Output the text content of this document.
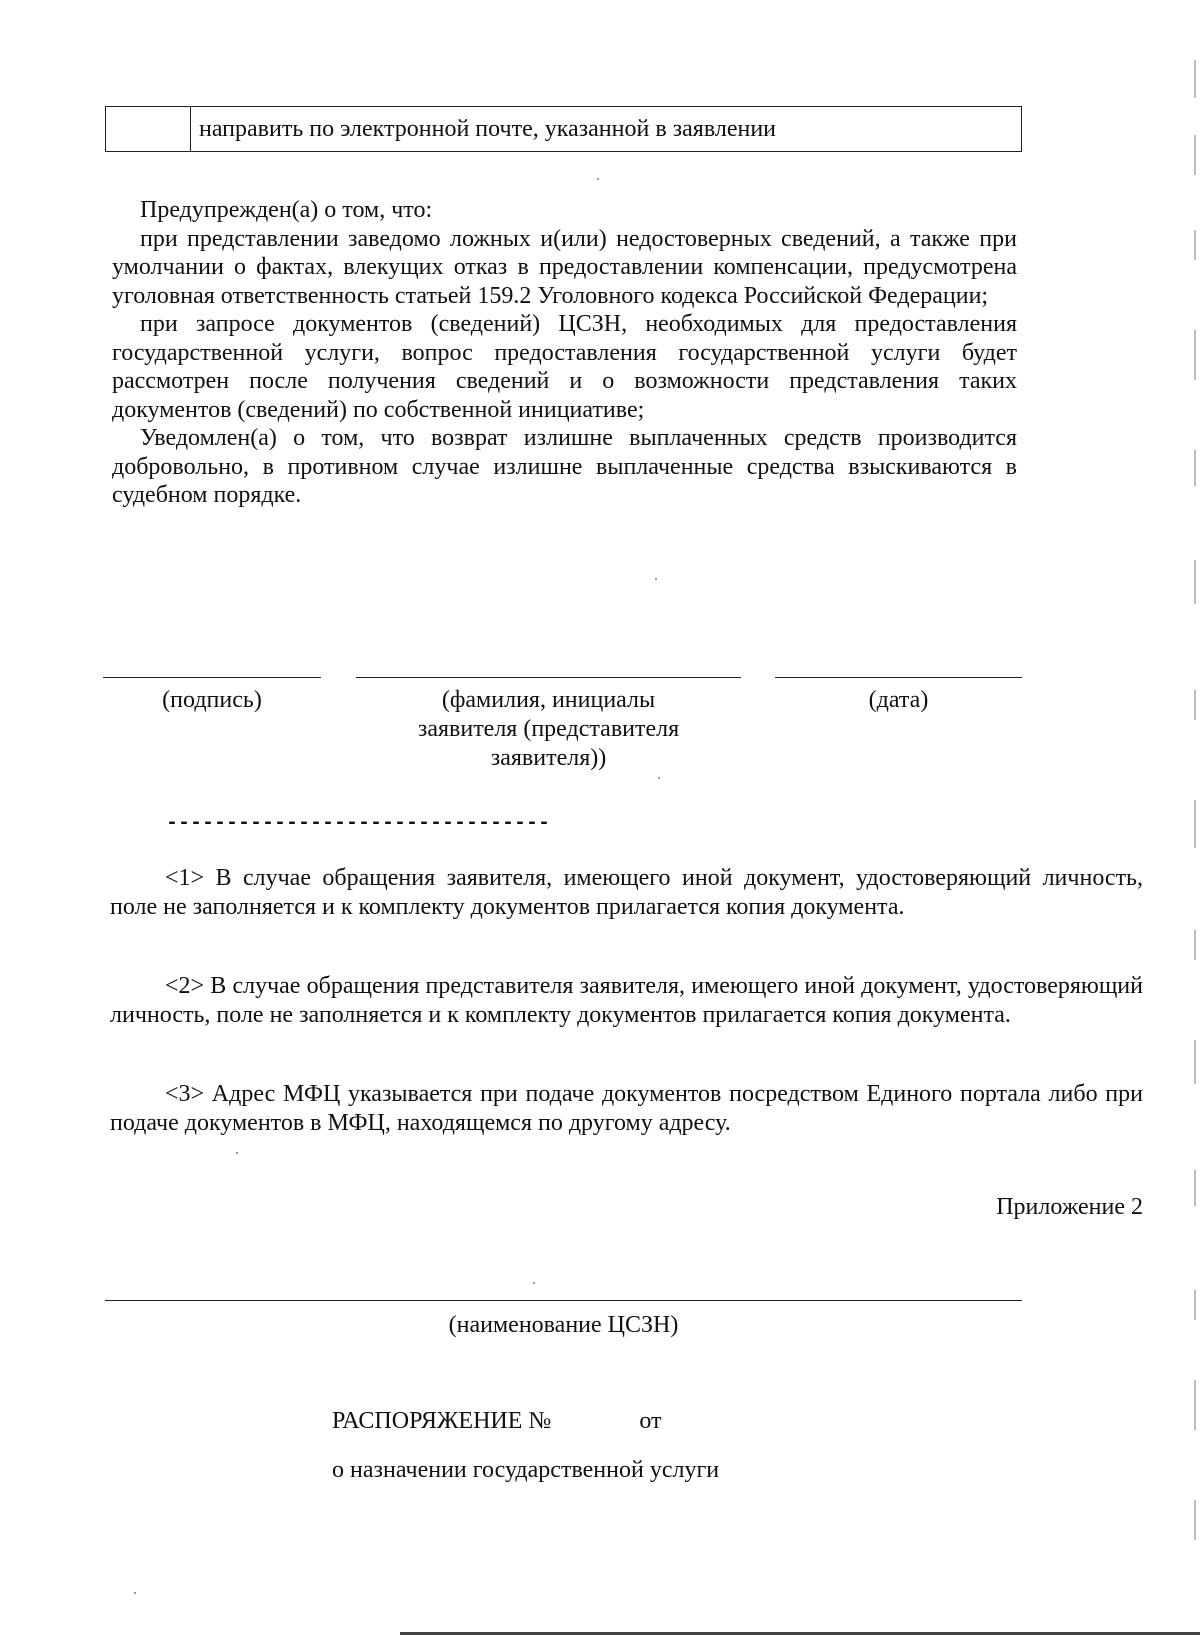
направить по электронной почте, указанной в заявлении

Предупрежден(а) о том, что:

при представлении заведомо ложных и(или) недостоверных сведений, а также при умолчании о фактах, влекущих отказ в предоставлении компенсации, предусмотрена уголовная ответственность статьей 159.2 Уголовного кодекса Российской Федерации;

при запросе документов (сведений) ЦСЗН, необходимых для предоставления государственной услуги, вопрос предоставления государственной услуги будет рассмотрен после получения сведений и о возможности представления таких документов (сведений) по собственной инициативе;

Уведомлен(а) о том, что возврат излишне выплаченных средств производится добровольно, в противном случае излишне выплаченные средства взыскиваются в судебном порядке.

(подпись)	(фамилия, инициалы
заявителя (представителя
заявителя))
(дата)
--------------------------------

<1> В случае обращения заявителя, имеющего иной документ, удостоверяющий личность, поле не заполняется и к комплекту документов прилагается копия документа.

<2> В случае обращения представителя заявителя, имеющего иной документ, удостоверяющий личность, поле не заполняется и к комплекту документов прилагается копия документа.

<3> Адрес МФЦ указывается при подаче документов посредством Единого портала либо при подаче документов в МФЦ, находящемся по другому адресу.

Приложение 2
(наименование ЦСЗН)
РАСПОРЯЖЕНИЕ №	от
о назначении государственной услуги
